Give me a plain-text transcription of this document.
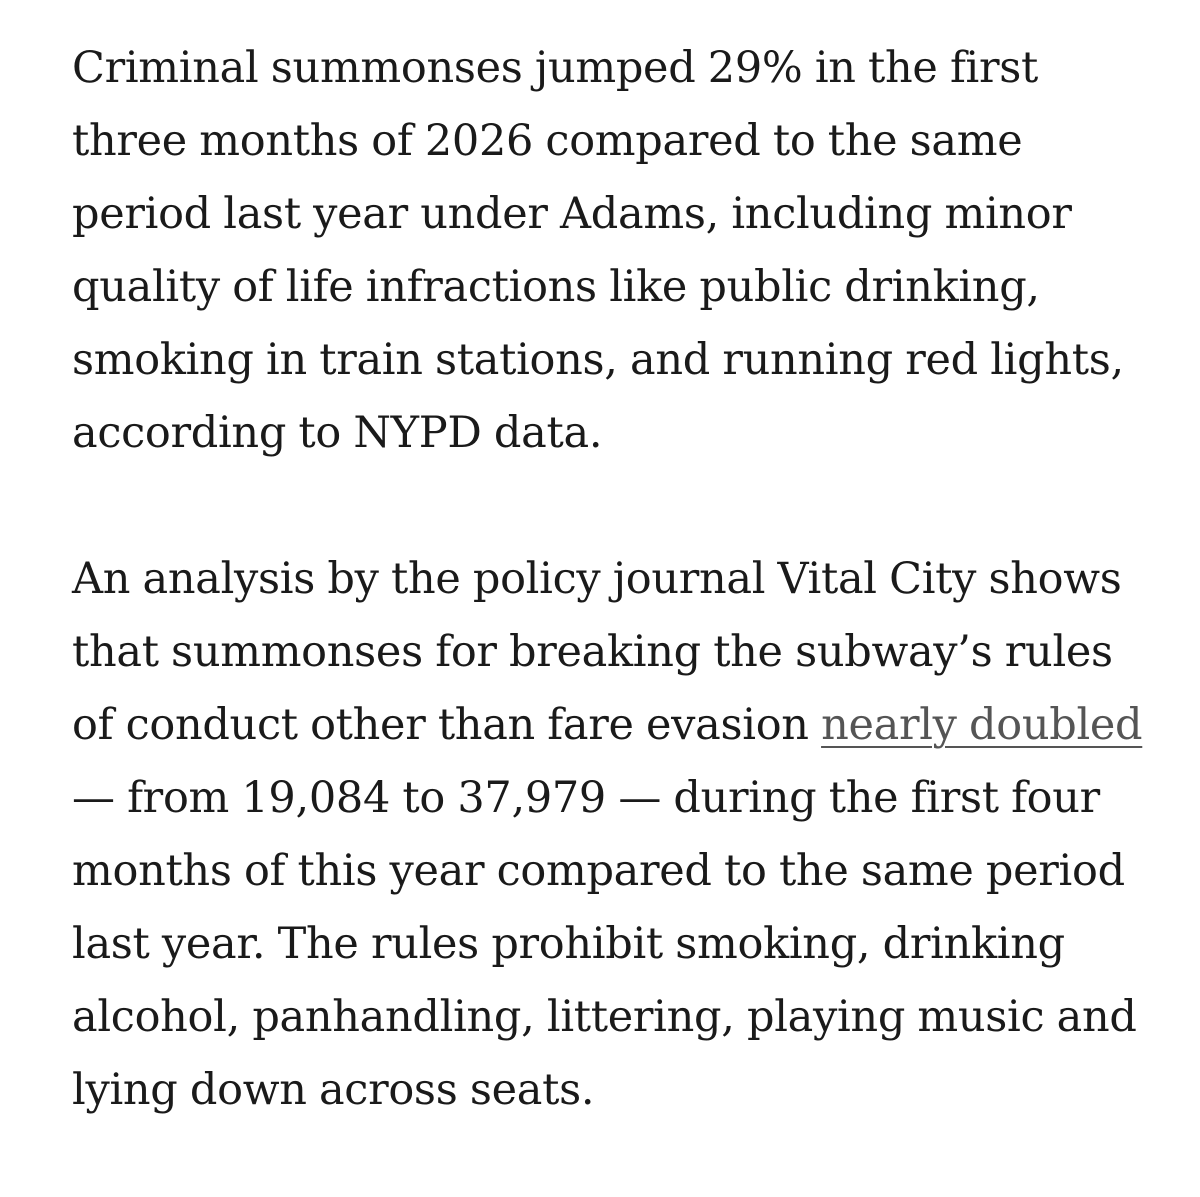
Criminal summonses jumped 29% in the first
three months of 2026 compared to the same
period last year under Adams, including minor
quality of life infractions like public drinking,
smoking in train stations, and running red lights,
according to NYPD data.

An analysis by the policy journal Vital City shows
that summonses for breaking the subway’s rules
of conduct other than fare evasion nearly doubled
— from 19,084 to 37,979 — during the first four
months of this year compared to the same period
last year. The rules prohibit smoking, drinking
alcohol, panhandling, littering, playing music and
lying down across seats.
